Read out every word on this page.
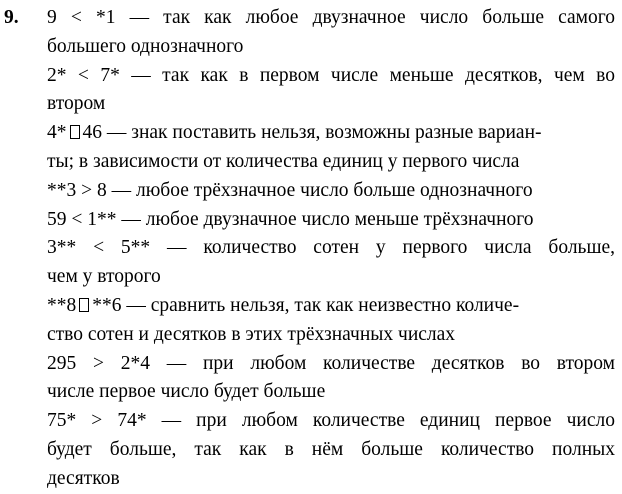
9. 9 < *1 — так как любое двузначное число больше самого
большего однозначного
2* < 7* — так как в первом числе меньше десятков, чем во
втором
4* 46 — знак поставить нельзя, возможны разные вариан-
ты; в зависимости от количества единиц у первого числа
**3 > 8 — любое трёхзначное число больше однозначного
59 < 1** — любое двузначное число меньше трёхзначного
3** < 5** — количество сотен у первого числа больше,
чем у второго
**8 **6 — сравнить нельзя, так как неизвестно количе-
ство сотен и десятков в этих трёхзначных числах
295 > 2*4 — при любом количестве десятков во втором
числе первое число будет больше
75* > 74* — при любом количестве единиц первое число
будет больше, так как в нём больше количество полных
десятков
